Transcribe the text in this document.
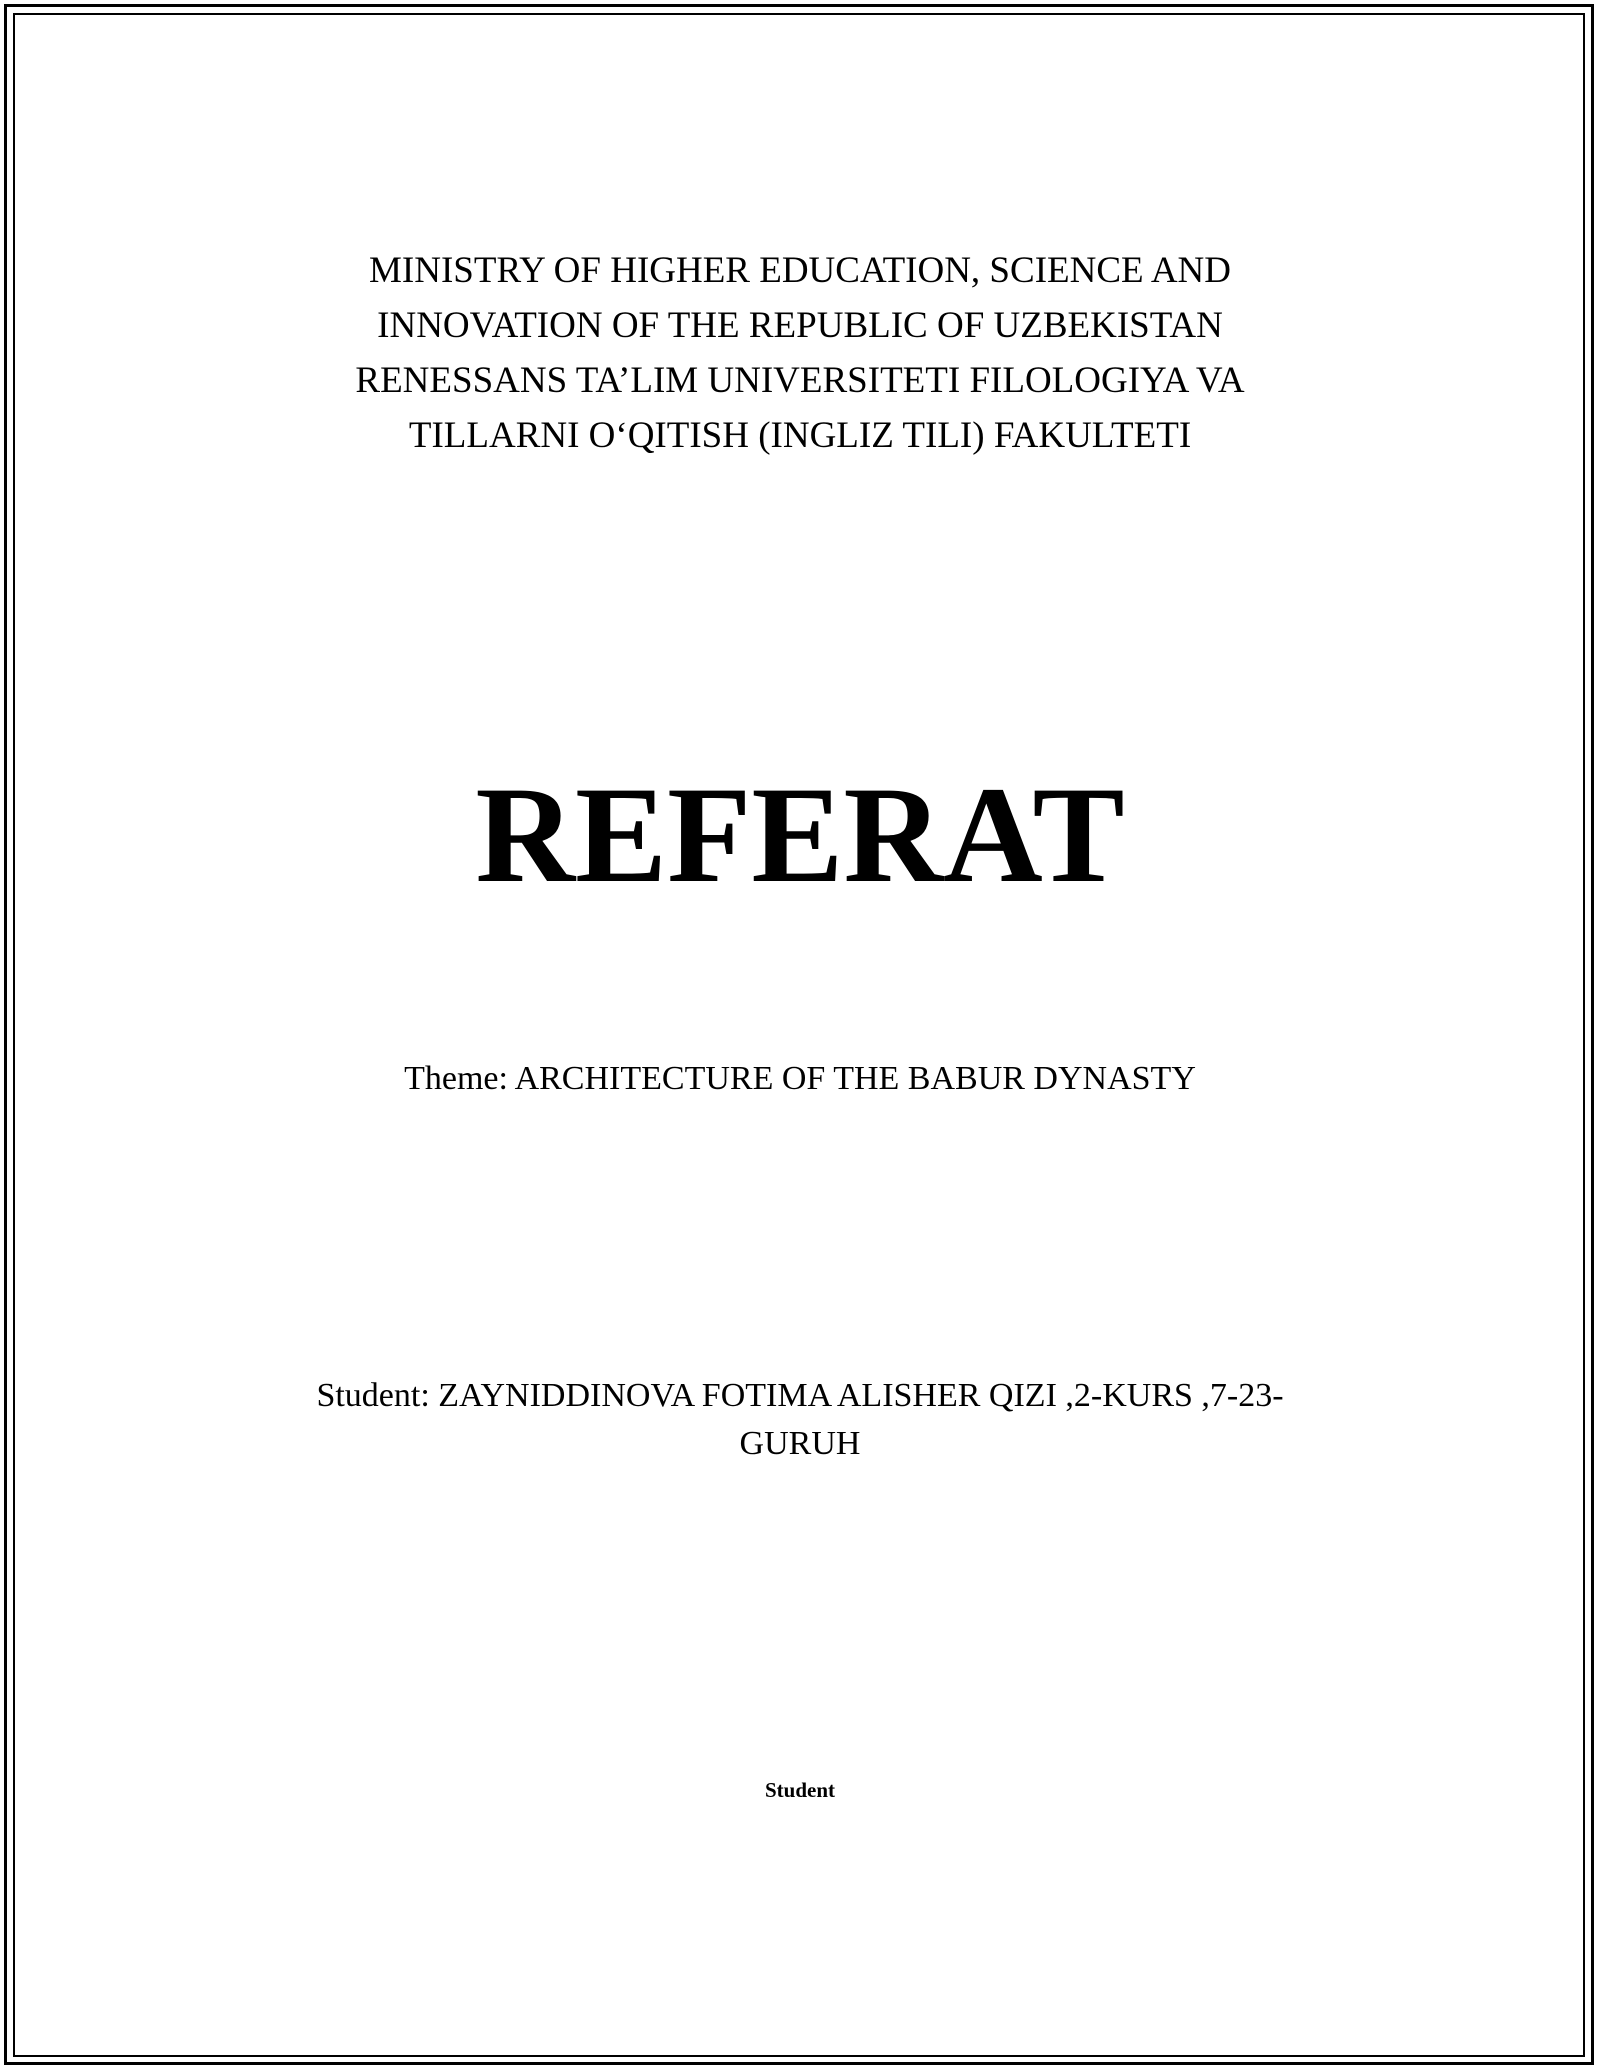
MINISTRY OF HIGHER EDUCATION, SCIENCE AND
INNOVATION OF THE REPUBLIC OF UZBEKISTAN
RENESSANS TA’LIM UNIVERSITETI FILOLOGIYA VA
TILLARNI O‘QITISH (INGLIZ TILI) FAKULTETI
REFERAT
Theme: ARCHITECTURE OF THE BABUR DYNASTY
Student: ZAYNIDDINOVA FOTIMA ALISHER QIZI ,2-KURS ,7-23-
GURUH
Student
